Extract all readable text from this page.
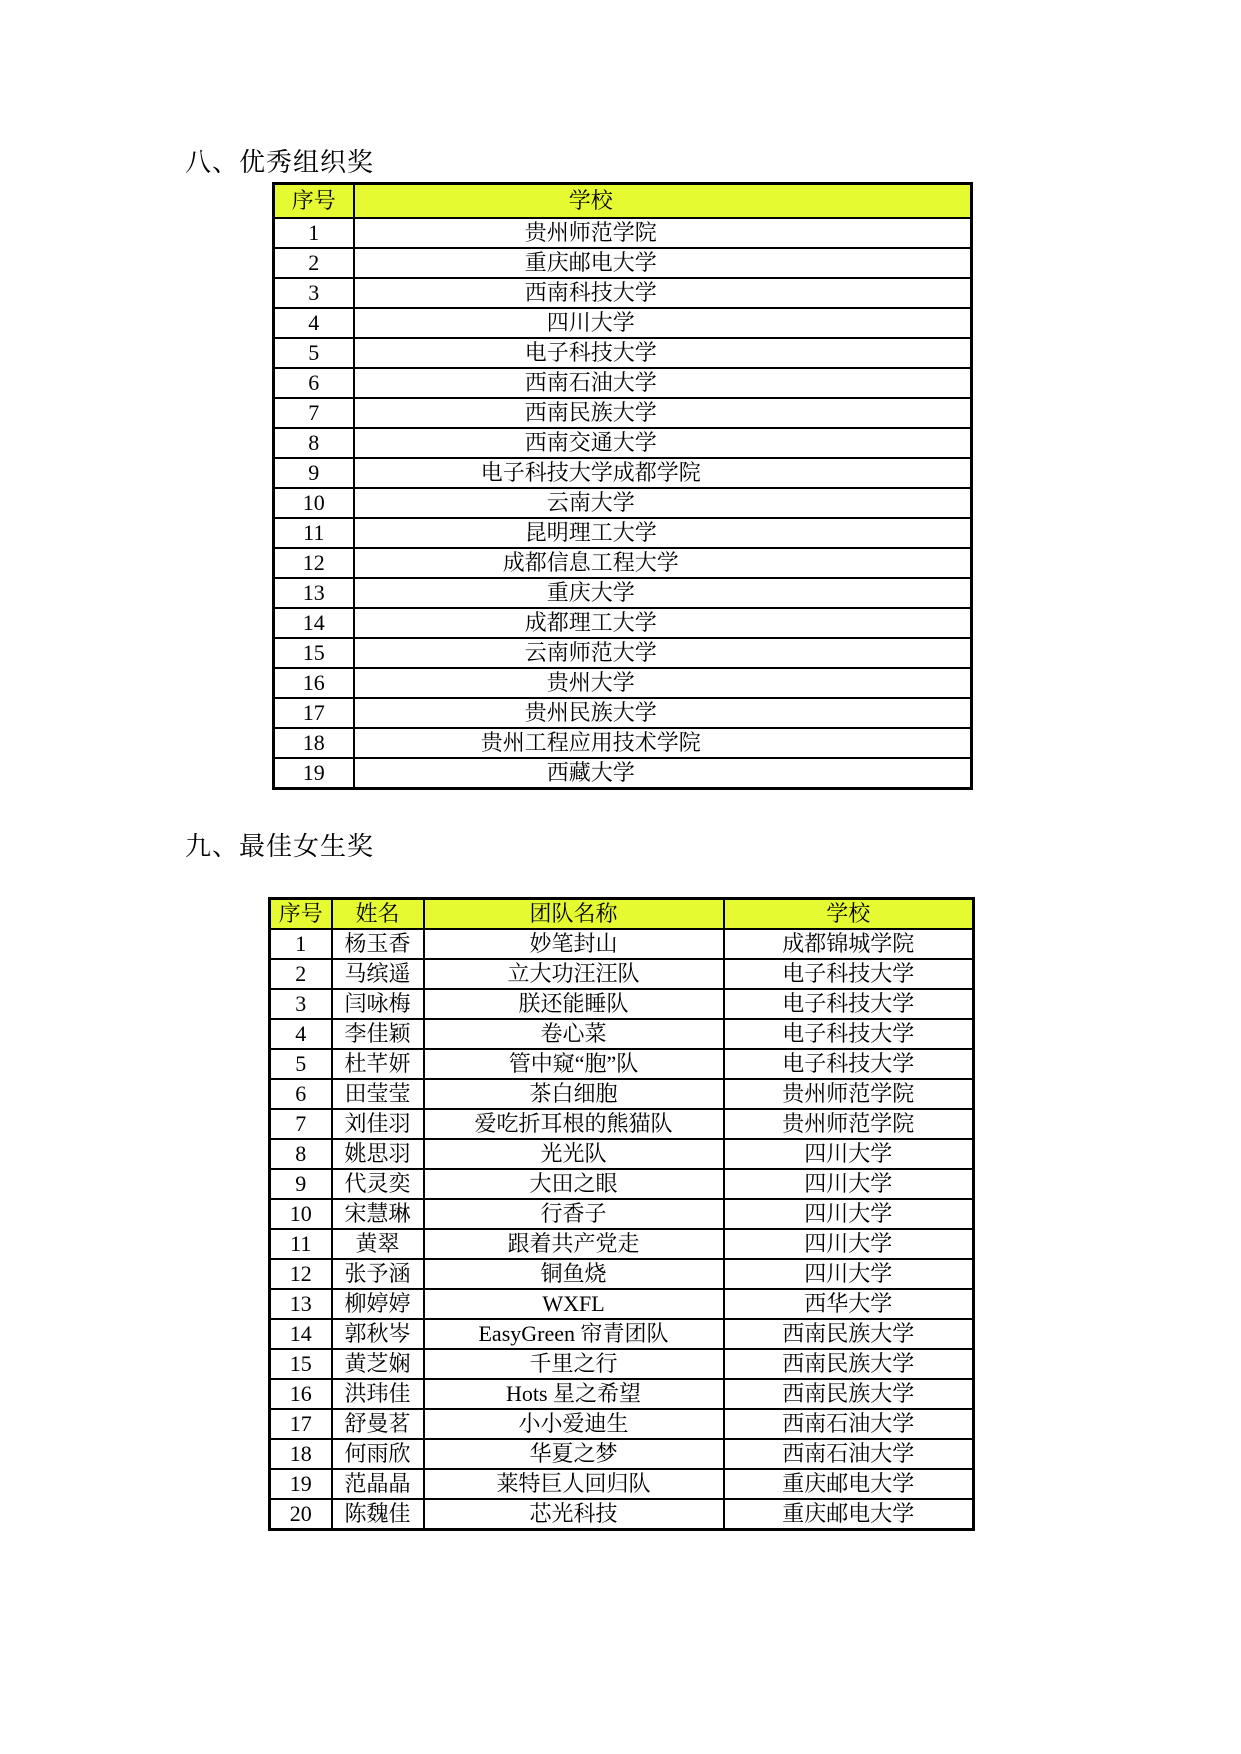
八、优秀组织奖
序号	学校
1	贵州师范学院
2	重庆邮电大学
3	西南科技大学
4	四川大学
5	电子科技大学
6	西南石油大学
7	西南民族大学
8	西南交通大学
9	电子科技大学成都学院
10	云南大学
11	昆明理工大学
12	成都信息工程大学
13	重庆大学
14	成都理工大学
15	云南师范大学
16	贵州大学
17	贵州民族大学
18	贵州工程应用技术学院
19	西藏大学
九、最佳女生奖
序号	姓名	团队名称	学校
1	杨玉香	妙笔封山	成都锦城学院
2	马缤遥	立大功汪汪队	电子科技大学
3	闫咏梅	朕还能睡队	电子科技大学
4	李佳颖	卷心菜	电子科技大学
5	杜芊妍	管中窥“胞”队	电子科技大学
6	田莹莹	茶白细胞	贵州师范学院
7	刘佳羽	爱吃折耳根的熊猫队	贵州师范学院
8	姚思羽	光光队	四川大学
9	代灵奕	大田之眼	四川大学
10	宋慧琳	行香子	四川大学
11	黄翠	跟着共产党走	四川大学
12	张予涵	铜鱼烧	四川大学
13	柳婷婷	WXFL	西华大学
14	郭秋岑	EasyGreen 帘青团队	西南民族大学
15	黄芝娴	千里之行	西南民族大学
16	洪玮佳	Hots 星之希望	西南民族大学
17	舒曼茗	小小爱迪生	西南石油大学
18	何雨欣	华夏之梦	西南石油大学
19	范晶晶	莱特巨人回归队	重庆邮电大学
20	陈魏佳	芯光科技	重庆邮电大学
